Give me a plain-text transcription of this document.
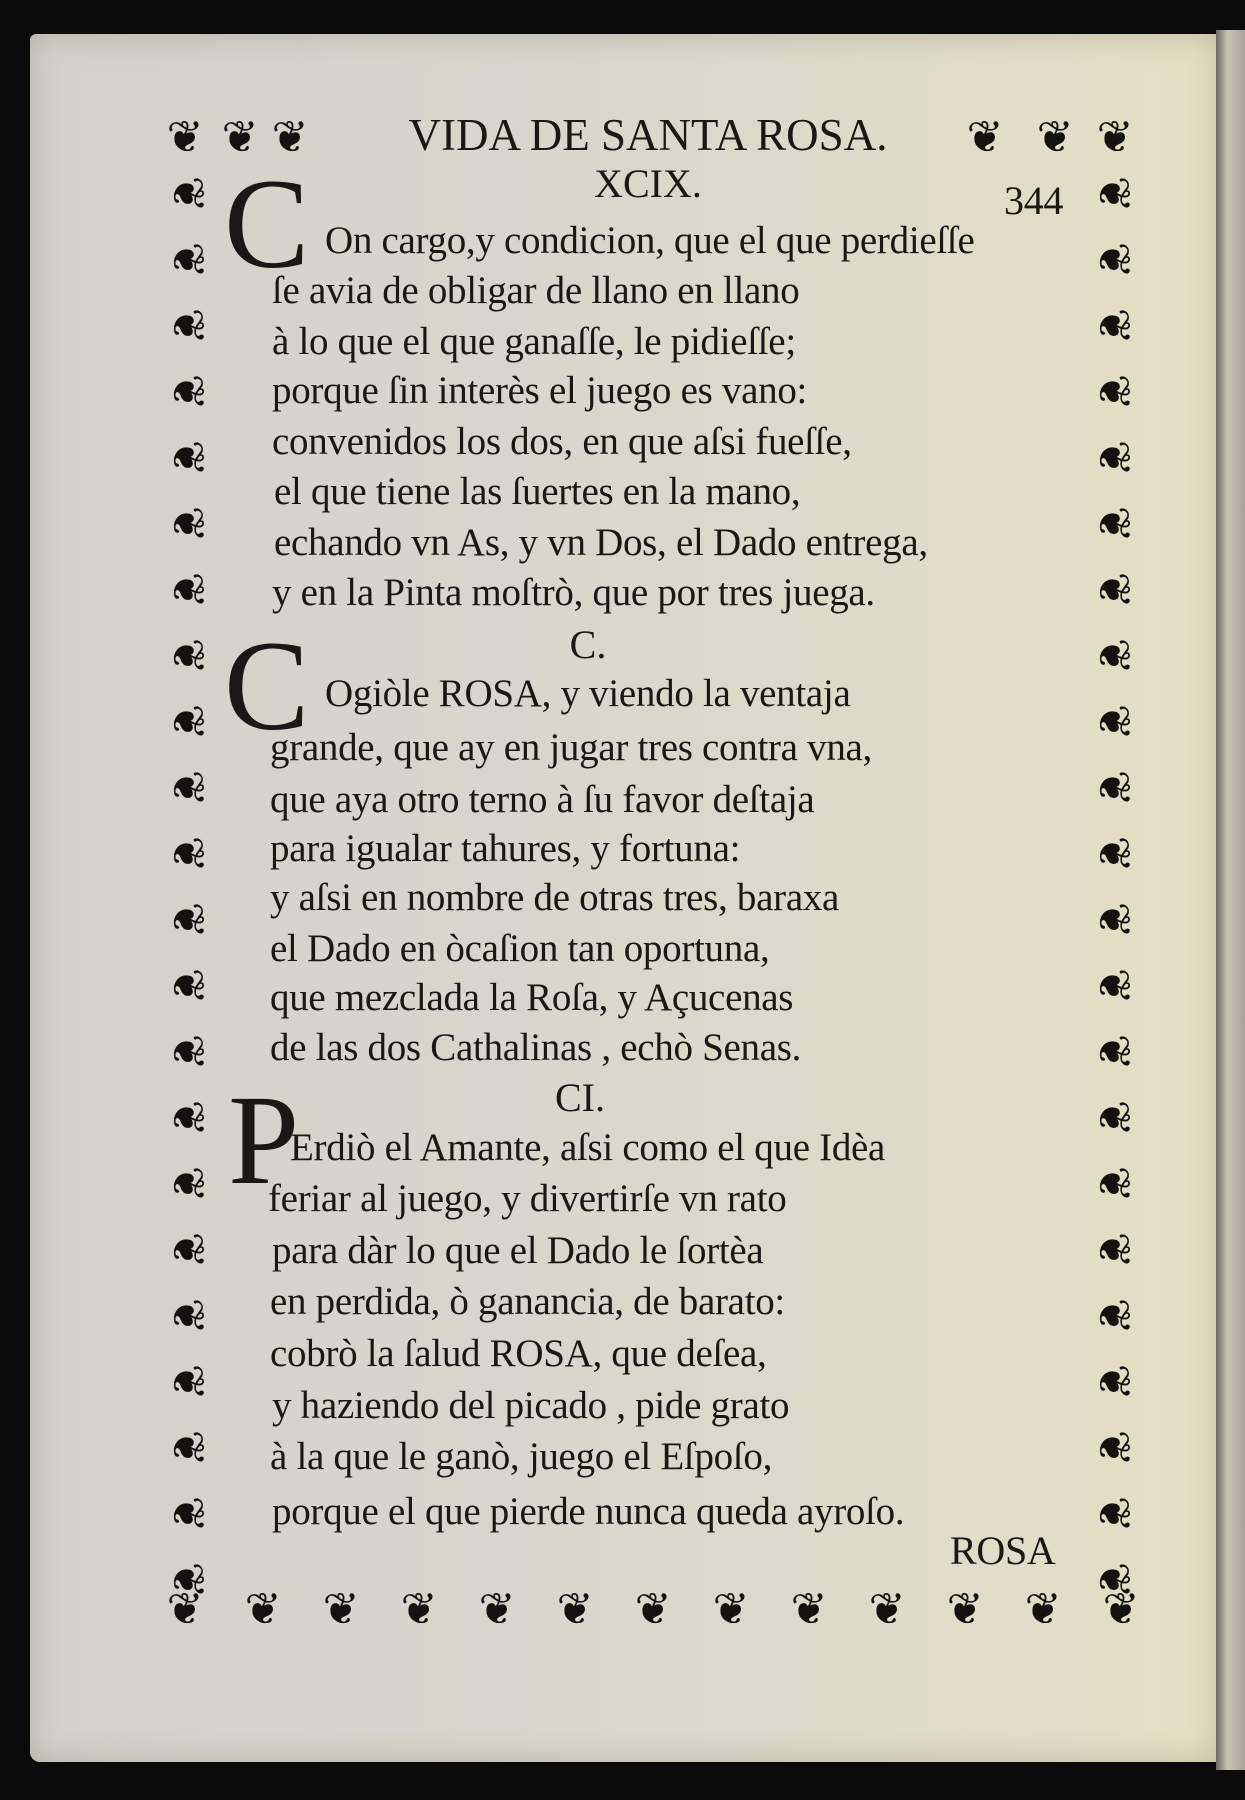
❦ ❦ ❦	❦ ❦ ❦
❦	❦
❦	❦
❦	❦
❦	❦
❦	❦
❦	❦
❦	❦
❦	❦
❦	❦
❦	❦
❦	❦
❦	❦
❦	❦
❦	❦
❦	❦
❦	❦
❦	❦
❦	❦
❦	❦
❦	❦
❦	❦
❦	❦
❦ ❦ ❦ ❦ ❦ ❦ ❦ ❦ ❦ ❦ ❦ ❦ ❦
VIDA DE SANTA ROSA.
344
XCIX.
C On cargo,y condicion, que el que perdieſſe
ſe avia de obligar de llano en llano
à lo que el que ganaſſe, le pidieſſe;
porque ſin interès el juego es vano:
convenidos los dos, en que aſsi fueſſe,
el que tiene las ſuertes en la mano,
echando vn As, y vn Dos, el Dado entrega,
y en la Pinta moſtrò, que por tres juega.
C.
C Ogiòle ROSA, y viendo la ventaja
grande, que ay en jugar tres contra vna,
que aya otro terno à ſu favor deſtaja
para igualar tahures, y fortuna:
y aſsi en nombre de otras tres, baraxa
el Dado en òcaſion tan oportuna,
que mezclada la Roſa, y Açucenas
de las dos Cathalinas , echò Senas.
CI.
P
Erdiò el Amante, aſsi como el que Idèa
feriar al juego, y divertirſe vn rato
para dàr lo que el Dado le ſortèa
en perdida, ò ganancia, de barato:
cobrò la ſalud ROSA, que deſea,
y haziendo del picado , pide grato
à la que le ganò, juego el Eſpoſo,
porque el que pierde nunca queda ayroſo.
ROSA
